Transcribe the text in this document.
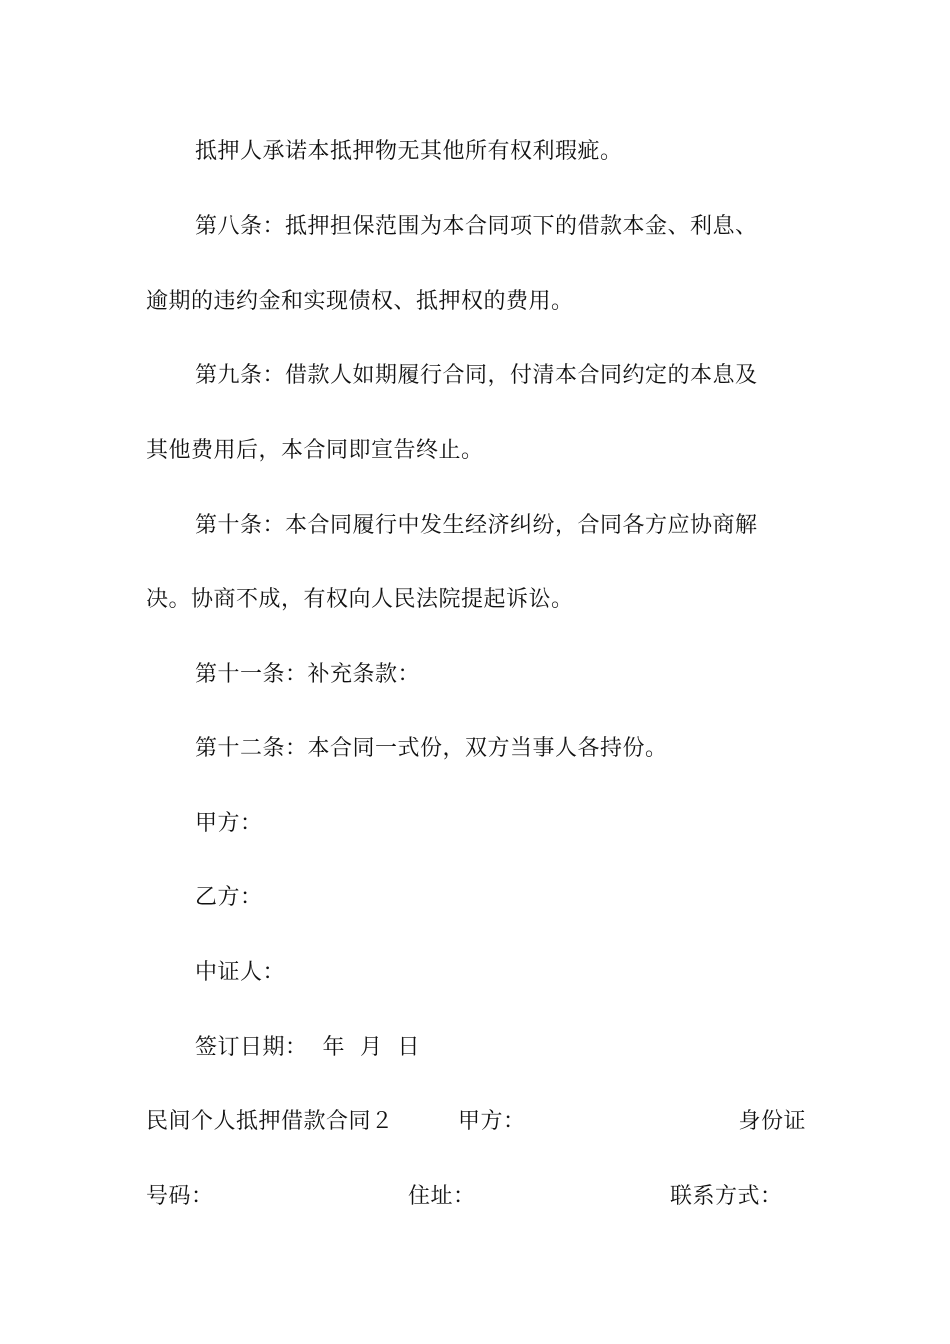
抵押人承诺本抵押物无其他所有权利瑕疵。
第八条：抵押担保范围为本合同项下的借款本金、利息、
逾期的违约金和实现债权、抵押权的费用。
第九条：借款人如期履行合同，付清本合同约定的本息及
其他费用后，本合同即宣告终止。
第十条：本合同履行中发生经济纠纷，合同各方应协商解
决。协商不成，有权向人民法院提起诉讼。
第十一条：补充条款：
第十二条：本合同一式份，双方当事人各持份。
甲方：
乙方：
中证人：
签订日期：  年  月  日
民间个人抵押借款合同２	甲方：	身份证
号码：	住址：	联系方式：
